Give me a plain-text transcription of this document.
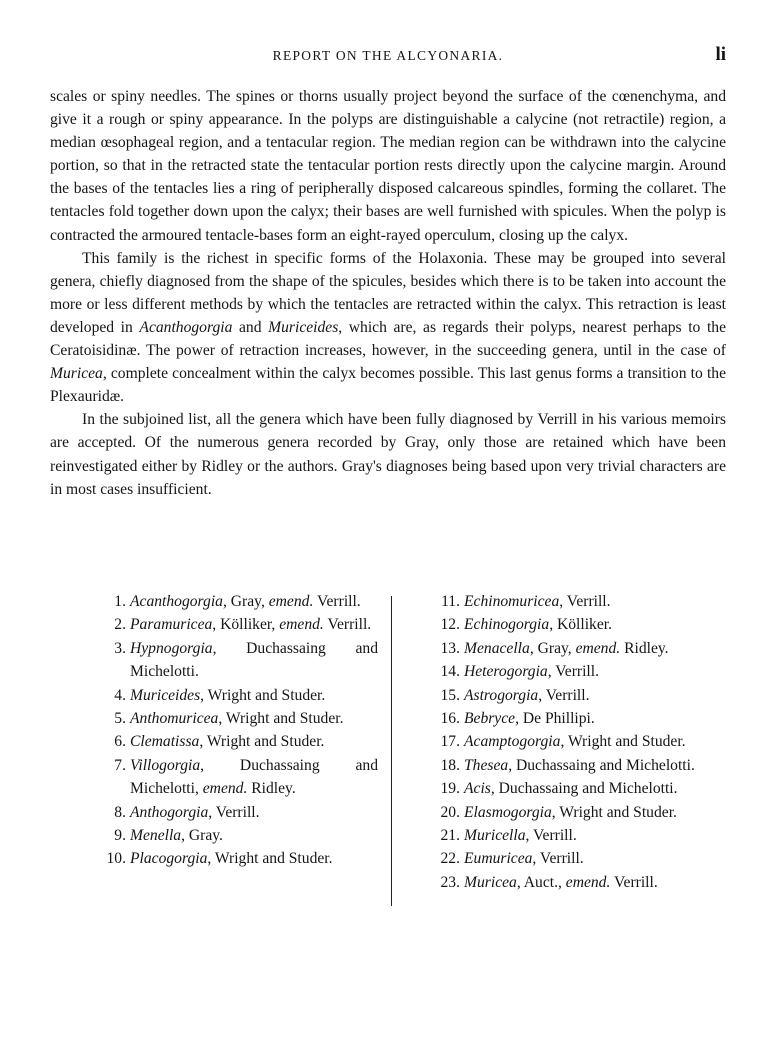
REPORT ON THE ALCYONARIA.	li

scales or spiny needles. The spines or thorns usually project beyond the surface of the cœnenchyma, and give it a rough or spiny appearance. In the polyps are distinguishable a calycine (not retractile) region, a median œsophageal region, and a tentacular region. The median region can be withdrawn into the calycine portion, so that in the retracted state the tentacular portion rests directly upon the calycine margin. Around the bases of the tentacles lies a ring of peripherally disposed calcareous spindles, forming the collaret. The tentacles fold together down upon the calyx; their bases are well furnished with spicules. When the polyp is contracted the armoured tentacle-bases form an eight-rayed operculum, closing up the calyx.

This family is the richest in specific forms of the Holaxonia. These may be grouped into several genera, chiefly diagnosed from the shape of the spicules, besides which there is to be taken into account the more or less different methods by which the tentacles are retracted within the calyx. This retraction is least developed in Acanthogorgia and Muriceides, which are, as regards their polyps, nearest perhaps to the Ceratoisidinæ. The power of retraction increases, however, in the succeeding genera, until in the case of Muricea, complete concealment within the calyx becomes possible. This last genus forms a transition to the Plexauridæ.

In the subjoined list, all the genera which have been fully diagnosed by Verrill in his various memoirs are accepted. Of the numerous genera recorded by Gray, only those are retained which have been reinvestigated either by Ridley or the authors. Gray's diagnoses being based upon very trivial characters are in most cases insufficient.

1. Acanthogorgia, Gray, emend. Verrill.
2. Paramuricea, Kölliker, emend. Verrill.
3. Hypnogorgia, Duchassaing and Michelotti.
4. Muriceides, Wright and Studer.
5. Anthomuricea, Wright and Studer.
6. Clematissa, Wright and Studer.
7. Villogorgia, Duchassaing and Michelotti, emend. Ridley.
8. Anthogorgia, Verrill.
9. Menella, Gray.
10. Placogorgia, Wright and Studer.
11. Echinomuricea, Verrill.
12. Echinogorgia, Kölliker.
13. Menacella, Gray, emend. Ridley.
14. Heterogorgia, Verrill.
15. Astrogorgia, Verrill.
16. Bebryce, De Phillipi.
17. Acamptogorgia, Wright and Studer.
18. Thesea, Duchassaing and Michelotti.
19. Acis, Duchassaing and Michelotti.
20. Elasmogorgia, Wright and Studer.
21. Muricella, Verrill.
22. Eumuricea, Verrill.
23. Muricea, Auct., emend. Verrill.
